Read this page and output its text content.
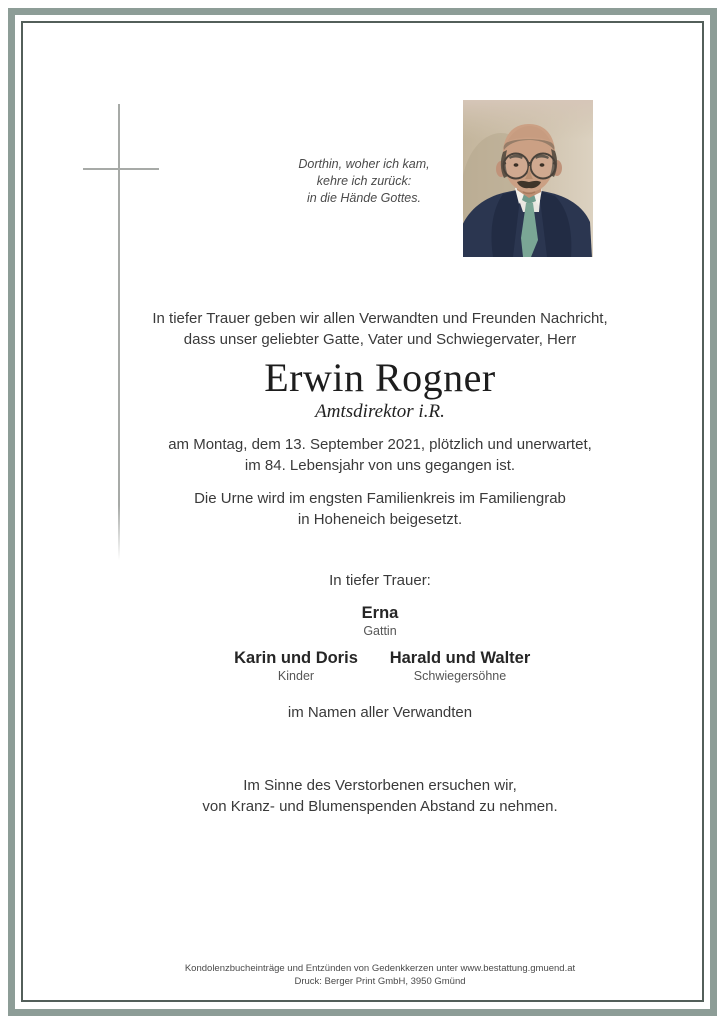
Dorthin, woher ich kam,
kehre ich zurück:
in die Hände Gottes.
In tiefer Trauer geben wir allen Verwandten und Freunden Nachricht,
dass unser geliebter Gatte, Vater und Schwiegervater, Herr
Erwin Rogner
Amtsdirektor i.R.
am Montag, dem 13. September 2021, plötzlich und unerwartet,
im 84. Lebensjahr von uns gegangen ist.
Die Urne wird im engsten Familienkreis im Familiengrab
in Hoheneich beigesetzt.
In tiefer Trauer:
Erna
Gattin
Karin und Doris
Kinder
Harald und Walter
Schwiegersöhne
im Namen aller Verwandten
Im Sinne des Verstorbenen ersuchen wir,
von Kranz- und Blumenspenden Abstand zu nehmen.
Kondolenzbucheinträge und Entzünden von Gedenkkerzen unter www.bestattung.gmuend.at
Druck: Berger Print GmbH, 3950 Gmünd
